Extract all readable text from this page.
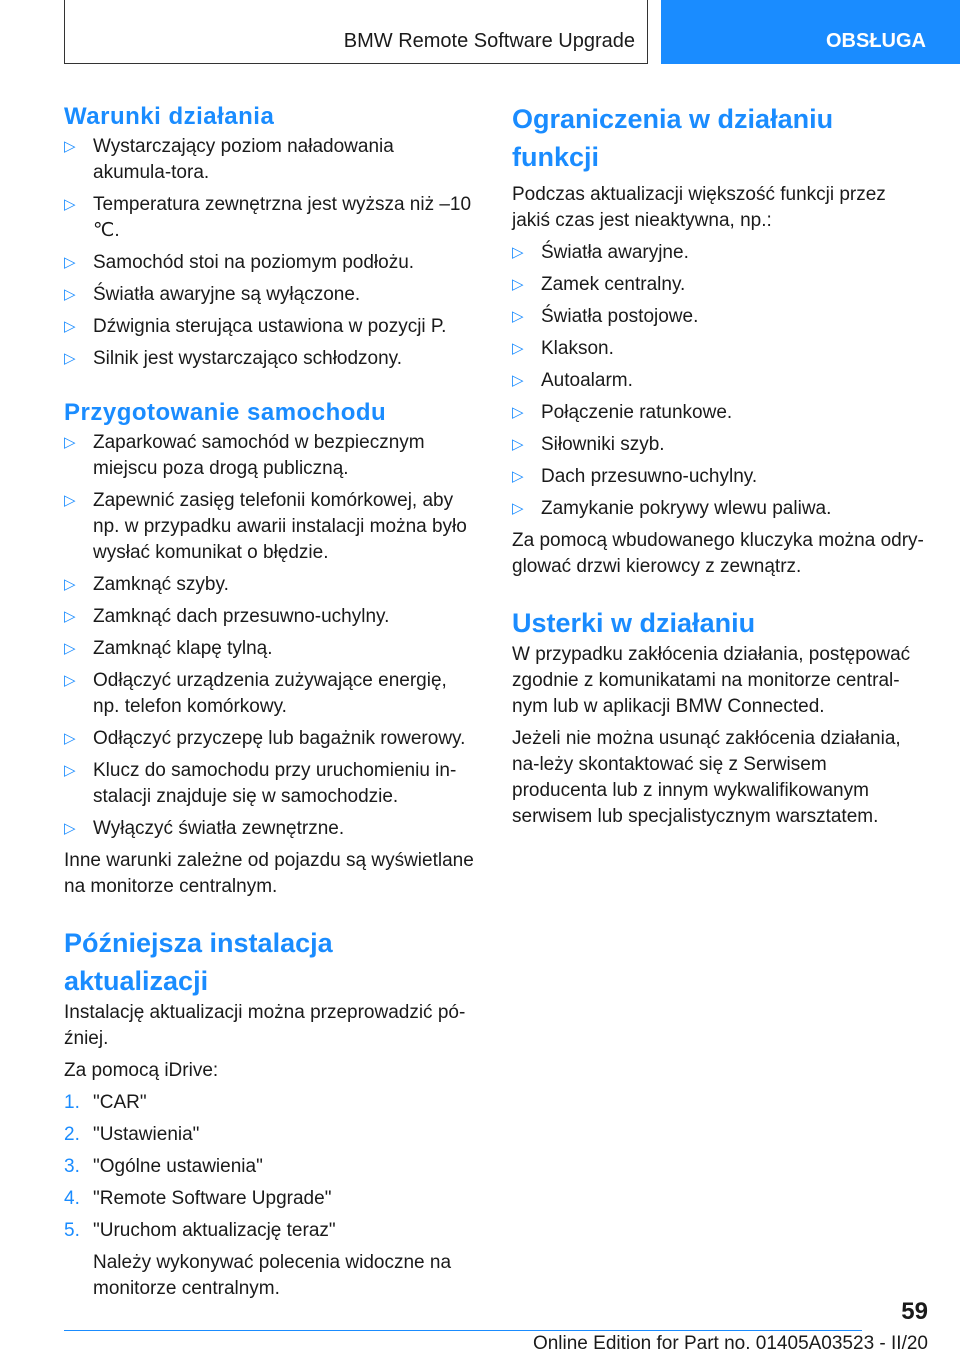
BMW Remote Software Upgrade	OBSŁUGA
Warunki działania
▷ Wystarczający poziom naładowania akumula-tora.
▷ Temperatura zewnętrzna jest wyższa niż –10 ℃.
▷ Samochód stoi na poziomym podłożu.
▷ Światła awaryjne są wyłączone.
▷ Dźwignia sterująca ustawiona w pozycji P.
▷ Silnik jest wystarczająco schłodzony.
Przygotowanie samochodu
▷ Zaparkować samochód w bezpiecznym miejscu poza drogą publiczną.
▷ Zapewnić zasięg telefonii komórkowej, aby np. w przypadku awarii instalacji można było wysłać komunikat o błędzie.
▷ Zamknąć szyby.
▷ Zamknąć dach przesuwno-uchylny.
▷ Zamknąć klapę tylną.
▷ Odłączyć urządzenia zużywające energię, np. telefon komórkowy.
▷ Odłączyć przyczepę lub bagażnik rowerowy.
▷ Klucz do samochodu przy uruchomieniu in-stalacji znajduje się w samochodzie.
▷ Wyłączyć światła zewnętrzne.

Inne warunki zależne od pojazdu są wyświetlane na monitorze centralnym.

Późniejsza instalacja aktualizacji

Instalację aktualizacji można przeprowadzić pó-źniej.

Za pomocą iDrive:

1. "CAR"
2. "Ustawienia"
3. "Ogólne ustawienia"
4. "Remote Software Upgrade"
5. "Uruchom aktualizację teraz"
Należy wykonywać polecenia widoczne na monitorze centralnym.
Ograniczenia w działaniu funkcji

Podczas aktualizacji większość funkcji przez jakiś czas jest nieaktywna, np.:

▷ Światła awaryjne.
▷ Zamek centralny.
▷ Światła postojowe.
▷ Klakson.
▷ Autoalarm.
▷ Połączenie ratunkowe.
▷ Siłowniki szyb.
▷ Dach przesuwno-uchylny.
▷ Zamykanie pokrywy wlewu paliwa.

Za pomocą wbudowanego kluczyka można odry-glować drzwi kierowcy z zewnątrz.

Usterki w działaniu

W przypadku zakłócenia działania, postępować zgodnie z komunikatami na monitorze central-nym lub w aplikacji BMW Connected.

Jeżeli nie można usunąć zakłócenia działania, na-leży skontaktować się z Serwisem producenta lub z innym wykwalifikowanym serwisem lub specjalistycznym warsztatem.

59
Online Edition for Part no. 01405A03523 - II/20
